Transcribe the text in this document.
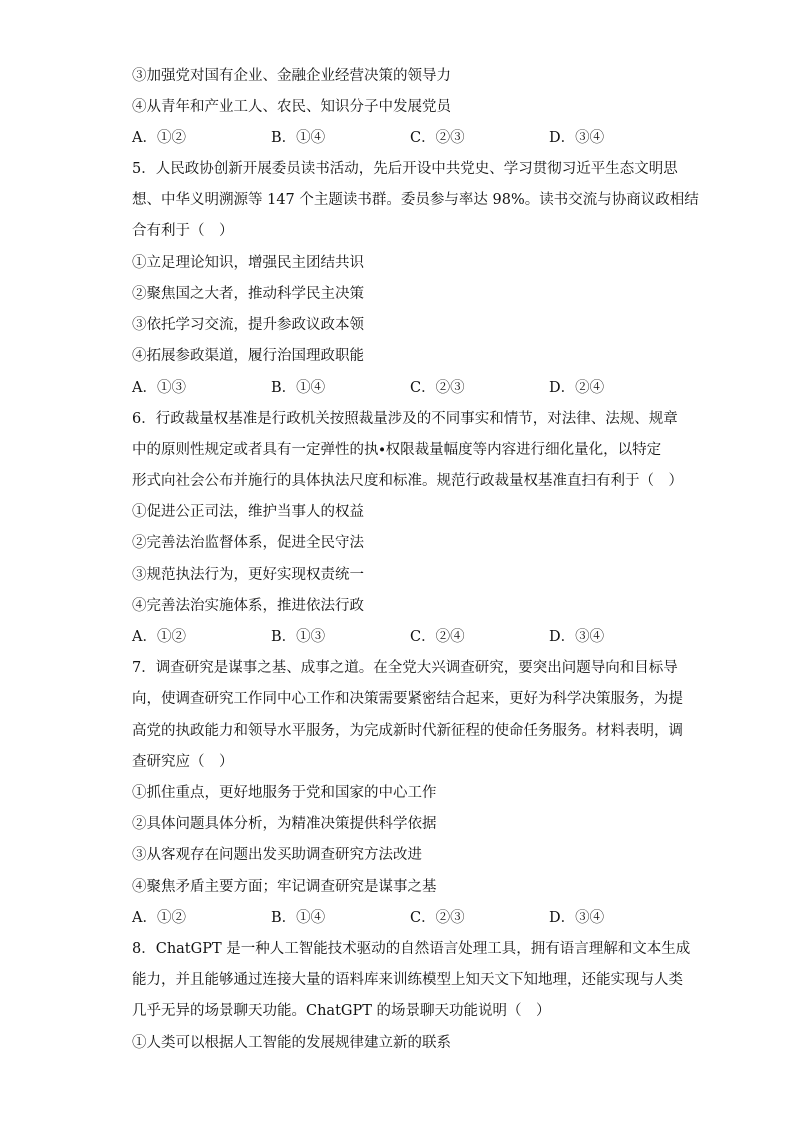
③加强党对国有企业、金融企业经营决策的领导力
④从青年和产业工人、农民、知识分子中发展党员
A．①②	B．①④	C．②③	D．③④
5．人民政协创新开展委员读书活动，先后开设中共党史、学习贯彻习近平生态文明思
想、中华义明溯源等 147 个主题读书群。委员参与率达 98%。读书交流与协商议政相结
合有利于（　）
①立足理论知识，增强民主团结共识
②聚焦国之大者，推动科学民主决策
③依托学习交流，提升参政议政本领
④拓展参政渠道，履行治国理政职能
A．①③	B．①④	C．②③	D．②④
6．行政裁量权基准是行政机关按照裁量涉及的不同事实和情节，对法律、法规、规章
中的原则性规定或者具有一定弹性的执∙权限裁量幅度等内容进行细化量化，以特定
形式向社会公布并施行的具体执法尺度和标准。规范行政裁量权基准直扫有利于（　）
①促进公正司法，维护当事人的权益
②完善法治监督体系，促进全民守法
③规范执法行为，更好实现权责统一
④完善法治实施体系，推进依法行政
A．①②	B．①③	C．②④	D．③④
7．调查研究是谋事之基、成事之道。在全党大兴调查研究，要突出问题导向和目标导
向，使调查研究工作同中心工作和决策需要紧密结合起来，更好为科学决策服务，为提
高党的执政能力和领导水平服务，为完成新时代新征程的使命任务服务。材料表明，调
查研究应（　）
①抓住重点，更好地服务于党和国家的中心工作
②具体问题具体分析，为精准决策提供科学依据
③从客观存在问题出发买助调查研究方法改进
④聚焦矛盾主要方面；牢记调查研究是谋事之基
A．①②	B．①④	C．②③	D．③④
8．ChatGPT 是一种人工智能技术驱动的自然语言处理工具，拥有语言理解和文本生成
能力，并且能够通过连接大量的语料库来训练模型上知天文下知地理，还能实现与人类
几乎无异的场景聊天功能。ChatGPT 的场景聊天功能说明（　）
①人类可以根据人工智能的发展规律建立新的联系
